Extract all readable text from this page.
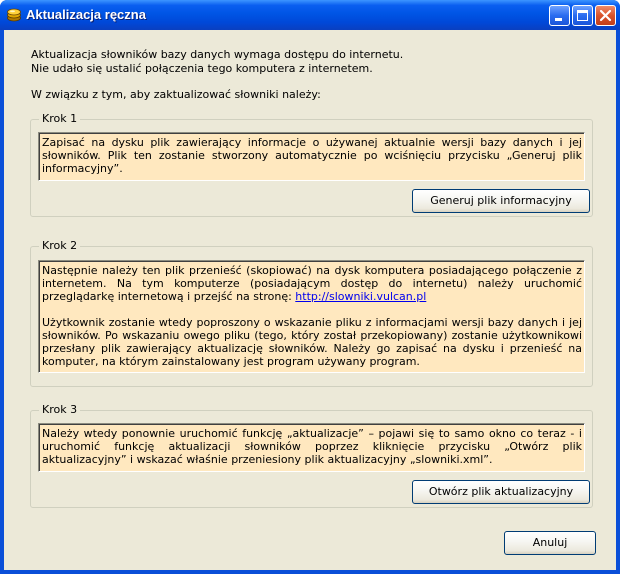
Aktualizacja ręczna
Aktualizacja słowników bazy danych wymaga dostępu do internetu.
Nie udało się ustalić połączenia tego komputera z internetem.
W związku z tym, aby zaktualizować słowniki należy:
Krok 1

Zapisać na dysku plik zawierający informacje o używanej aktualnie wersji bazy danych i jej słowników. Plik ten zostanie stworzony automatycznie po wciśnięciu przycisku „Generuj plik informacyjny”.

Generuj plik informacyjny
Krok 2

Następnie należy ten plik przenieść (skopiować) na dysk komputera posiadającego połączenie z internetem. Na tym komputerze (posiadającym dostęp do internetu) należy uruchomić przeglądarkę internetową i przejść na stronę: http://slowniki.vulcan.pl

Użytkownik zostanie wtedy poproszony o wskazanie pliku z informacjami wersji bazy danych i jej słowników. Po wskazaniu owego pliku (tego, który został przekopiowany) zostanie użytkownikowi przesłany plik zawierający aktualizację słowników. Należy go zapisać na dysku i przenieść na komputer, na którym zainstalowany jest program używany program.

Krok 3

Należy wtedy ponownie uruchomić funkcję „aktualizacje” – pojawi się to samo okno co teraz - i uruchomić funkcję aktualizacji słowników poprzez kliknięcie przycisku „Otwórz plik aktualizacyjny” i wskazać właśnie przeniesiony plik aktualizacyjny „slowniki.xml”.

Otwórz plik aktualizacyjny
Anuluj
